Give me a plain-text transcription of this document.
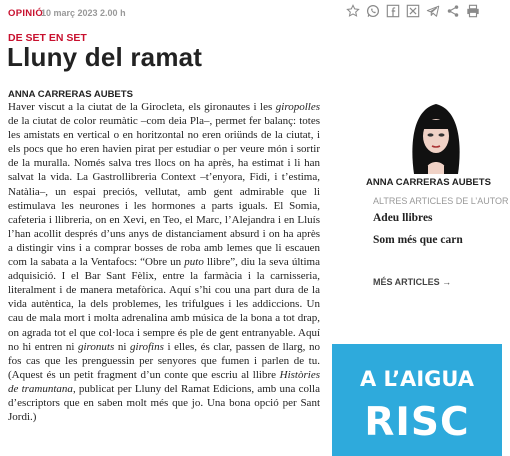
OPINIÓ
10 març 2023 2.00 h
DE SET EN SET
Lluny del ramat
ANNA CARRERAS AUBETS

Haver viscut a la ciutat de la Girocleta, els gironautes i les giropolles de la ciutat de color reumàtic –com deia Pla–, permet fer balanç: totes les amistats en vertical o en horitzontal no eren oriünds de la ciutat, i els pocs que ho eren havien pirat per estudiar o per veure món i sortir de la muralla. Només salva tres llocs on ha après, ha estimat i li han salvat la vida. La Gastrollibreria Context –t’enyora, Fidi, i t’estima, Natàlia–, un espai preciós, vellutat, amb gent admirable que li estimulava les neurones i les hormones a parts iguals. El Somia, cafeteria i llibreria, on en Xevi, en Teo, el Marc, l’Alejandra i en Lluís l’han acollit després d’uns anys de distanciament absurd i on ha après a distingir vins i a comprar bosses de roba amb lemes que li escauen com la sabata a la Ventafocs: “Obre un puto llibre”, diu la seva última adquisició. I el Bar Sant Fèlix, entre la farmàcia i la carnisseria, literalment i de manera metafòrica. Aquí s’hi cou una part dura de la vida autèntica, la dels problemes, les trifulgues i les addiccions. Un cau de mala mort i molta adrenalina amb música de la bona a tot drap, on agrada tot el que col·loca i sempre és ple de gent entranyable. Aquí no hi entren ni gironuts ni girofins i elles, és clar, passen de llarg, no fos cas que les prenguessin per senyores que fumen i parlen de tu. (Aquest és un petit fragment d’un conte que escriu al llibre Històries de tramuntana, publicat per Lluny del Ramat Edicions, amb una colla d’escriptors que en saben molt més que jo. Una bona opció per Sant Jordi.)

ANNA CARRERAS AUBETS
ALTRES ARTICLES DE L’AUTOR
Adeu llibres
Som més que carn
MÉS ARTICLES →
A L’AIGUA
RISC
